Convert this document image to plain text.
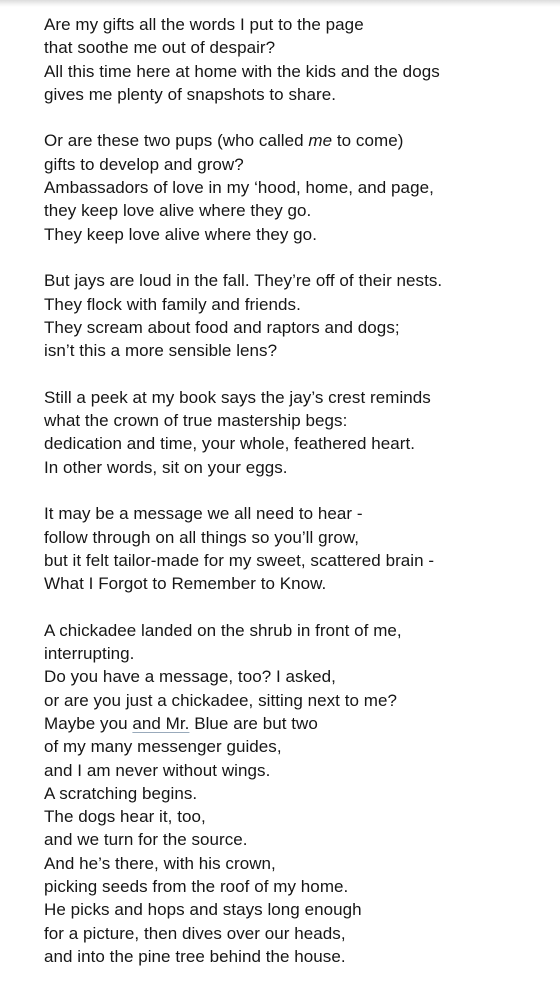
Are my gifts all the words I put to the page
that soothe me out of despair?
All this time here at home with the kids and the dogs
gives me plenty of snapshots to share.
Or are these two pups (who called me to come)
gifts to develop and grow?
Ambassadors of love in my ‘hood, home, and page,
they keep love alive where they go.
They keep love alive where they go.
But jays are loud in the fall. They’re off of their nests.
They flock with family and friends.
They scream about food and raptors and dogs;
isn’t this a more sensible lens?
Still a peek at my book says the jay’s crest reminds
what the crown of true mastership begs:
dedication and time, your whole, feathered heart.
In other words, sit on your eggs.
It may be a message we all need to hear -
follow through on all things so you’ll grow,
but it felt tailor-made for my sweet, scattered brain -
What I Forgot to Remember to Know.
A chickadee landed on the shrub in front of me,
interrupting.
Do you have a message, too? I asked,
or are you just a chickadee, sitting next to me?
Maybe you and Mr. Blue are but two
of my many messenger guides,
and I am never without wings.
A scratching begins.
The dogs hear it, too,
and we turn for the source.
And he’s there, with his crown,
picking seeds from the roof of my home.
He picks and hops and stays long enough
for a picture, then dives over our heads,
and into the pine tree behind the house.
